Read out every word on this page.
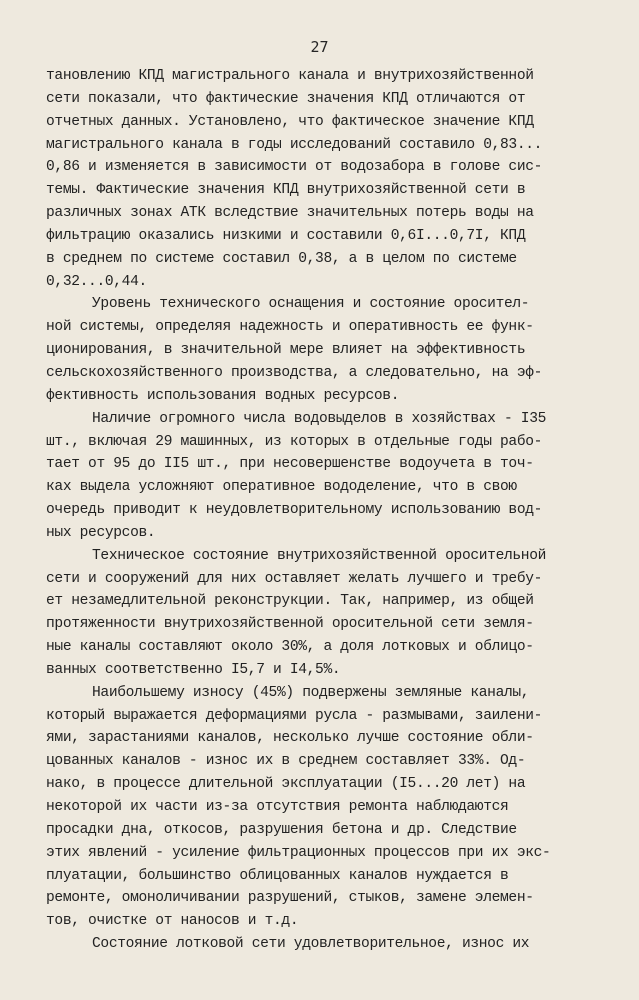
27
тановлению КПД магистрального канала и внутрихозяйственной
сети показали, что фактические значения КПД отличаются от
отчетных данных. Установлено, что фактическое значение КПД
магистрального канала в годы исследований составило 0,83...
0,86 и изменяется в зависимости от водозабора в голове сис-
темы. Фактические значения КПД внутрихозяйственной сети в
различных зонах АТК вследствие значительных потерь воды на
фильтрацию оказались низкими и составили 0,6I...0,7I, КПД
в среднем по системе составил 0,38, а в целом по системе
0,32...0,44.
Уровень технического оснащения и состояние оросител-
ной системы, определяя надежность и оперативность ее функ-
ционирования, в значительной мере влияет на эффективность
сельскохозяйственного производства, а следовательно, на эф-
фективность использования водных ресурсов.
Наличие огромного числа водовыделов в хозяйствах - I35
шт., включая 29 машинных, из которых в отдельные годы рабо-
тает от 95 до II5 шт., при несовершенстве водоучета в точ-
ках выдела усложняют оперативное вододеление, что в свою
очередь приводит к неудовлетворительному использованию вод-
ных ресурсов.
Техническое состояние внутрихозяйственной оросительной
сети и сооружений для них оставляет желать лучшего и требу-
ет незамедлительной реконструкции. Так, например, из общей
протяженности внутрихозяйственной оросительной сети земля-
ные каналы составляют около 30%, а доля лотковых и облицо-
ванных соответственно I5,7 и I4,5%.
Наибольшему износу (45%) подвержены земляные каналы,
который выражается деформациями русла - размывами, заилени-
ями, зарастаниями каналов, несколько лучше состояние обли-
цованных каналов - износ их в среднем составляет 33%. Од-
нако, в процессе длительной эксплуатации (I5...20 лет) на
некоторой их части из-за отсутствия ремонта наблюдаются
просадки дна, откосов, разрушения бетона и др. Следствие
этих явлений - усиление фильтрационных процессов при их экс-
плуатации, большинство облицованных каналов нуждается в
ремонте, омоноличивании разрушений, стыков, замене элемен-
тов, очистке от наносов и т.д.
Состояние лотковой сети удовлетворительное, износ их
